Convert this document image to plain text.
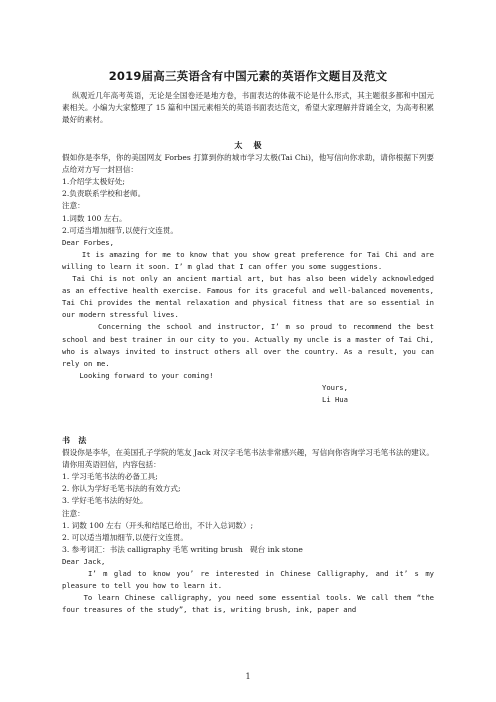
2019届高三英语含有中国元素的英语作文题目及范文

纵观近几年高考英语，无论是全国卷还是地方卷，书面表达的体裁不论是什么形式，其主题很多都和中国元素相关。小编为大家整理了 15 篇和中国元素相关的英语书面表达范文，希望大家理解并背诵全文，为高考积累最好的素材。

太    极

假如你是李华，你的美国网友 Forbes 打算到你的城市学习太极(Tai Chi)，他写信向你求助，请你根据下列要点给对方写一封回信：

1.介绍学太极好处;

2.负责联系学校和老师。

注意：

1.词数 100 左右。

2.可适当增加细节,以使行文连贯。

Dear Forbes,

It is amazing for me to know that you show great preference for Tai Chi and are willing to learn it soon. I’ m glad that I can offer you some suggestions.

Tai Chi is not only an ancient martial art, but has also been widely acknowledged as an effective health exercise. Famous for its graceful and well-balanced movements, Tai Chi provides the mental relaxation and physical fitness that are so essential in our modern stressful lives.

Concerning the school and instructor, I’ m so proud to recommend the best school and best trainer in our city to you. Actually my uncle is a master of Tai Chi, who is always invited to instruct others all over the country. As a result, you can rely on me.

Looking forward to your coming!

Yours,

Li Hua

书   法

假设你是李华，在美国孔子学院的笔友 Jack 对汉字毛笔书法非常感兴趣，写信向你咨询学习毛笔书法的建议。请你用英语回信，内容包括：

1. 学习毛笔书法的必备工具;

2. 你认为学好毛笔书法的有效方式;

3. 学好毛笔书法的好处。

注意：

1. 词数 100 左右（开头和结尾已给出，不计入总词数）;

2. 可以适当增加细节,以使行文连贯。

3. 参考词汇：书法 calligraphy 毛笔 writing brush   砚台 ink stone

Dear Jack,

I’ m glad to know you’ re interested in Chinese Calligraphy, and it’ s my pleasure to tell you how to learn it.

To learn Chinese calligraphy, you need some essential tools. We call them “the four treasures of the study”, that is, writing brush, ink, paper and

1
